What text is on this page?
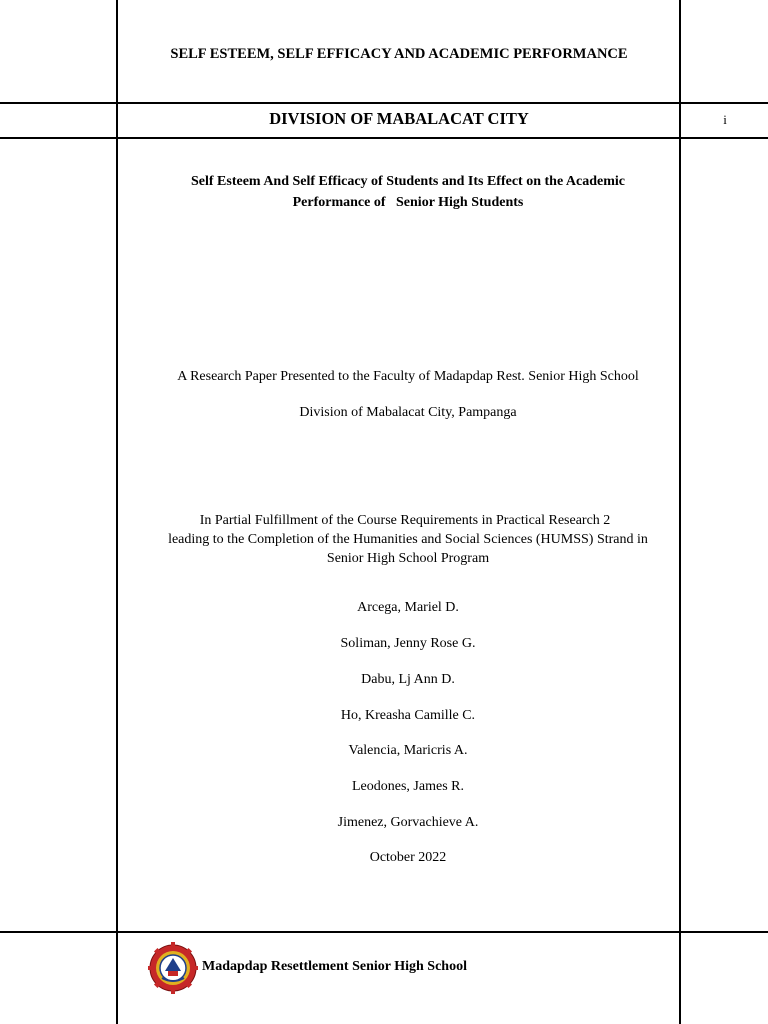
SELF ESTEEM, SELF EFFICACY AND ACADEMIC PERFORMANCE
DIVISION OF MABALACAT CITY	i
Self Esteem And Self Efficacy of Students and Its Effect on the Academic
Performance of   Senior High Students
A Research Paper Presented to the Faculty of Madapdap Rest. Senior High School
Division of Mabalacat City, Pampanga
In Partial Fulfillment of the Course Requirements in Practical Research 2
leading to the Completion of the Humanities and Social Sciences (HUMSS) Strand in
Senior High School Program
Arcega, Mariel D.
Soliman, Jenny Rose G.
Dabu, Lj Ann D.
Ho, Kreasha Camille C.
Valencia, Maricris A.
Leodones, James R.
Jimenez, Gorvachieve A.
October 2022
Madapdap Resettlement Senior High School
